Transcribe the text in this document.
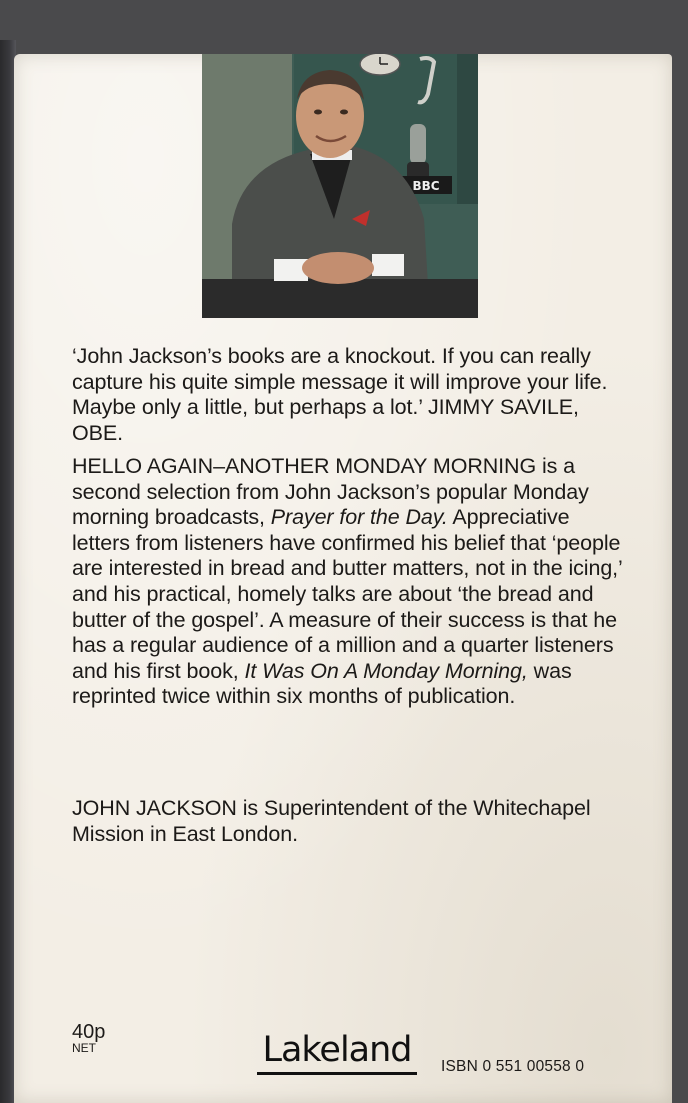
BBC

‘John Jackson’s books are a knockout. If you can really capture his quite simple message it will improve your life. Maybe only a little, but perhaps a lot.’ JIMMY SAVILE, OBE.

HELLO AGAIN–ANOTHER MONDAY MORNING is a second selection from John Jackson’s popular Monday morning broadcasts, Prayer for the Day. Appreciative letters from listeners have confirmed his belief that ‘people are interested in bread and butter matters, not in the icing,’ and his practical, homely talks are about ‘the bread and butter of the gospel’. A measure of their success is that he has a regular audience of a million and a quarter listeners and his first book, It Was On A Monday Morning, was reprinted twice within six months of publication.

JOHN JACKSON is Superintendent of the Whitechapel Mission in East London.

40p
NET	Lakeland	ISBN 0 551 00558 0
